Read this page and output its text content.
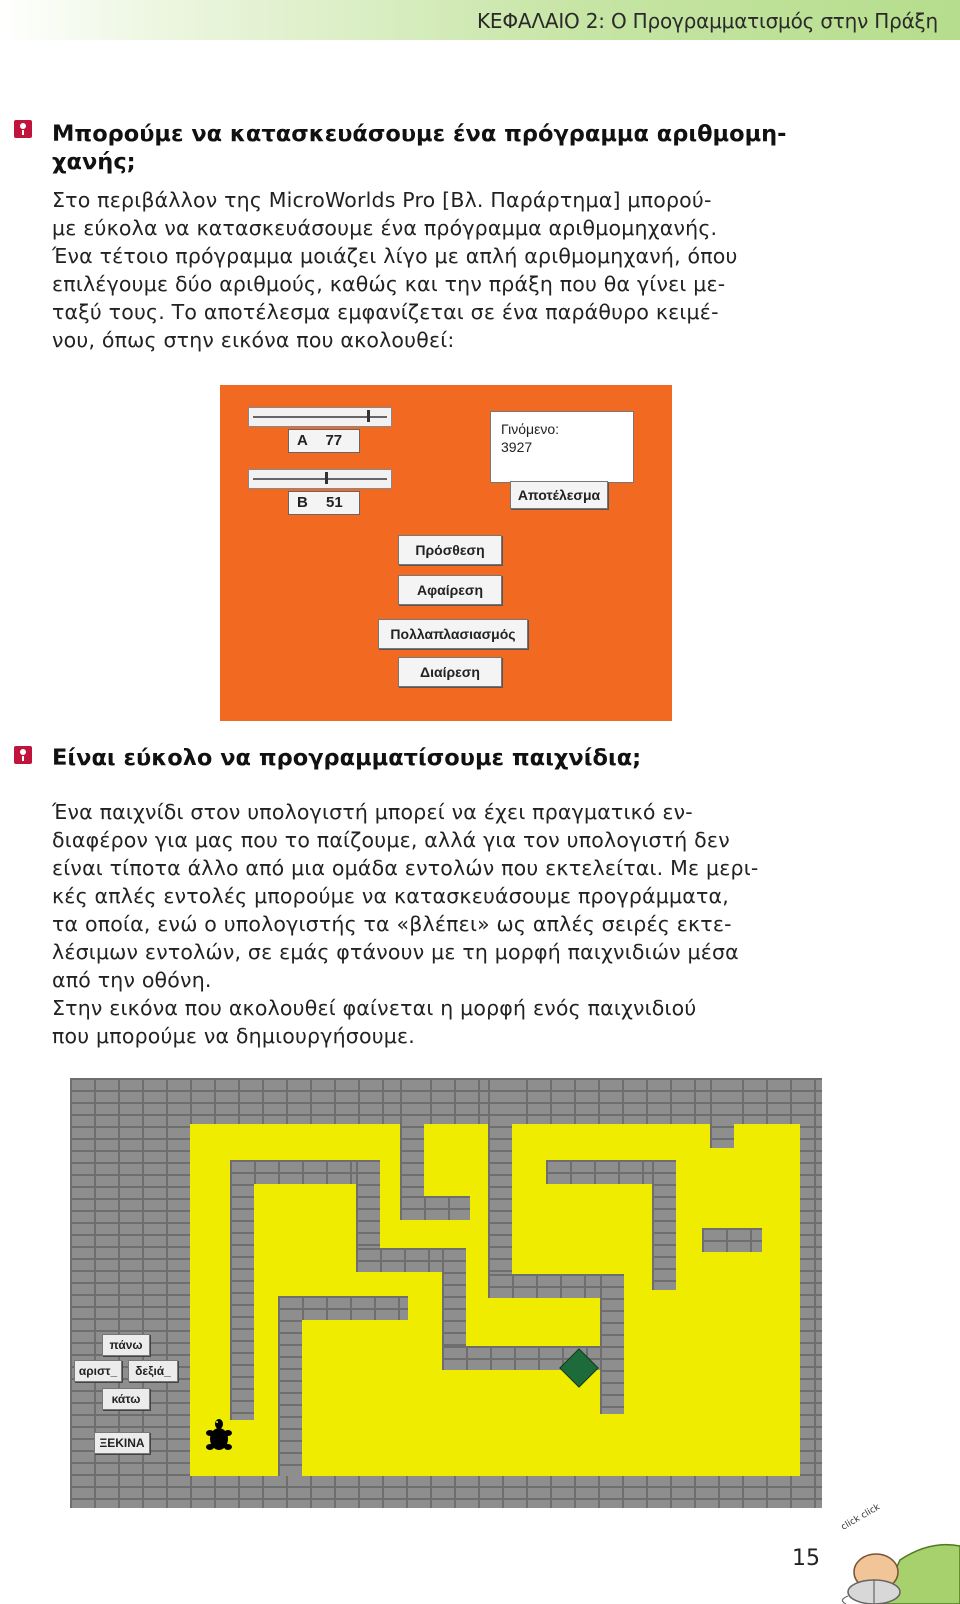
ΚΕΦΑΛΑΙΟ 2: Ο Προγραμματισμός στην Πράξη
Μπορούμε να κατασκευάσουμε ένα πρόγραμμα αριθμομη-
χανής;
Στο περιβάλλον της MicroWorlds Pro [Βλ. Παράρτημα] μπορού-
με εύκολα να κατασκευάσουμε ένα πρόγραμμα αριθμομηχανής.
Ένα τέτοιο πρόγραμμα μοιάζει λίγο με απλή αριθμομηχανή, όπου
επιλέγουμε δύο αριθμούς, καθώς και την πράξη που θα γίνει με-
ταξύ τους. Το αποτέλεσμα εμφανίζεται σε ένα παράθυρο κειμέ-
νου, όπως στην εικόνα που ακολουθεί:
A 77
B 51
Γινόμενο:
3927
Αποτέλεσμα
Πρόσθεση
Αφαίρεση
Πολλαπλασιασμός
Διαίρεση
Είναι εύκολο να προγραμματίσουμε παιχνίδια;
Ένα παιχνίδι στον υπολογιστή μπορεί να έχει πραγματικό εν-
διαφέρον για μας που το παίζουμε, αλλά για τον υπολογιστή δεν
είναι τίποτα άλλο από μια ομάδα εντολών που εκτελείται. Με μερι-
κές απλές εντολές μπορούμε να κατασκευάσουμε προγράμματα,
τα οποία, ενώ ο υπολογιστής τα «βλέπει» ως απλές σειρές εκτε-
λέσιμων εντολών, σε εμάς φτάνουν με τη μορφή παιχνιδιών μέσα
από την οθόνη.
Στην εικόνα που ακολουθεί φαίνεται η μορφή ενός παιχνιδιού
που μπορούμε να δημιουργήσουμε.
πάνω
αριστ_	δεξιά_
κάτω
ΞΕΚΙΝΑ
15
click click
